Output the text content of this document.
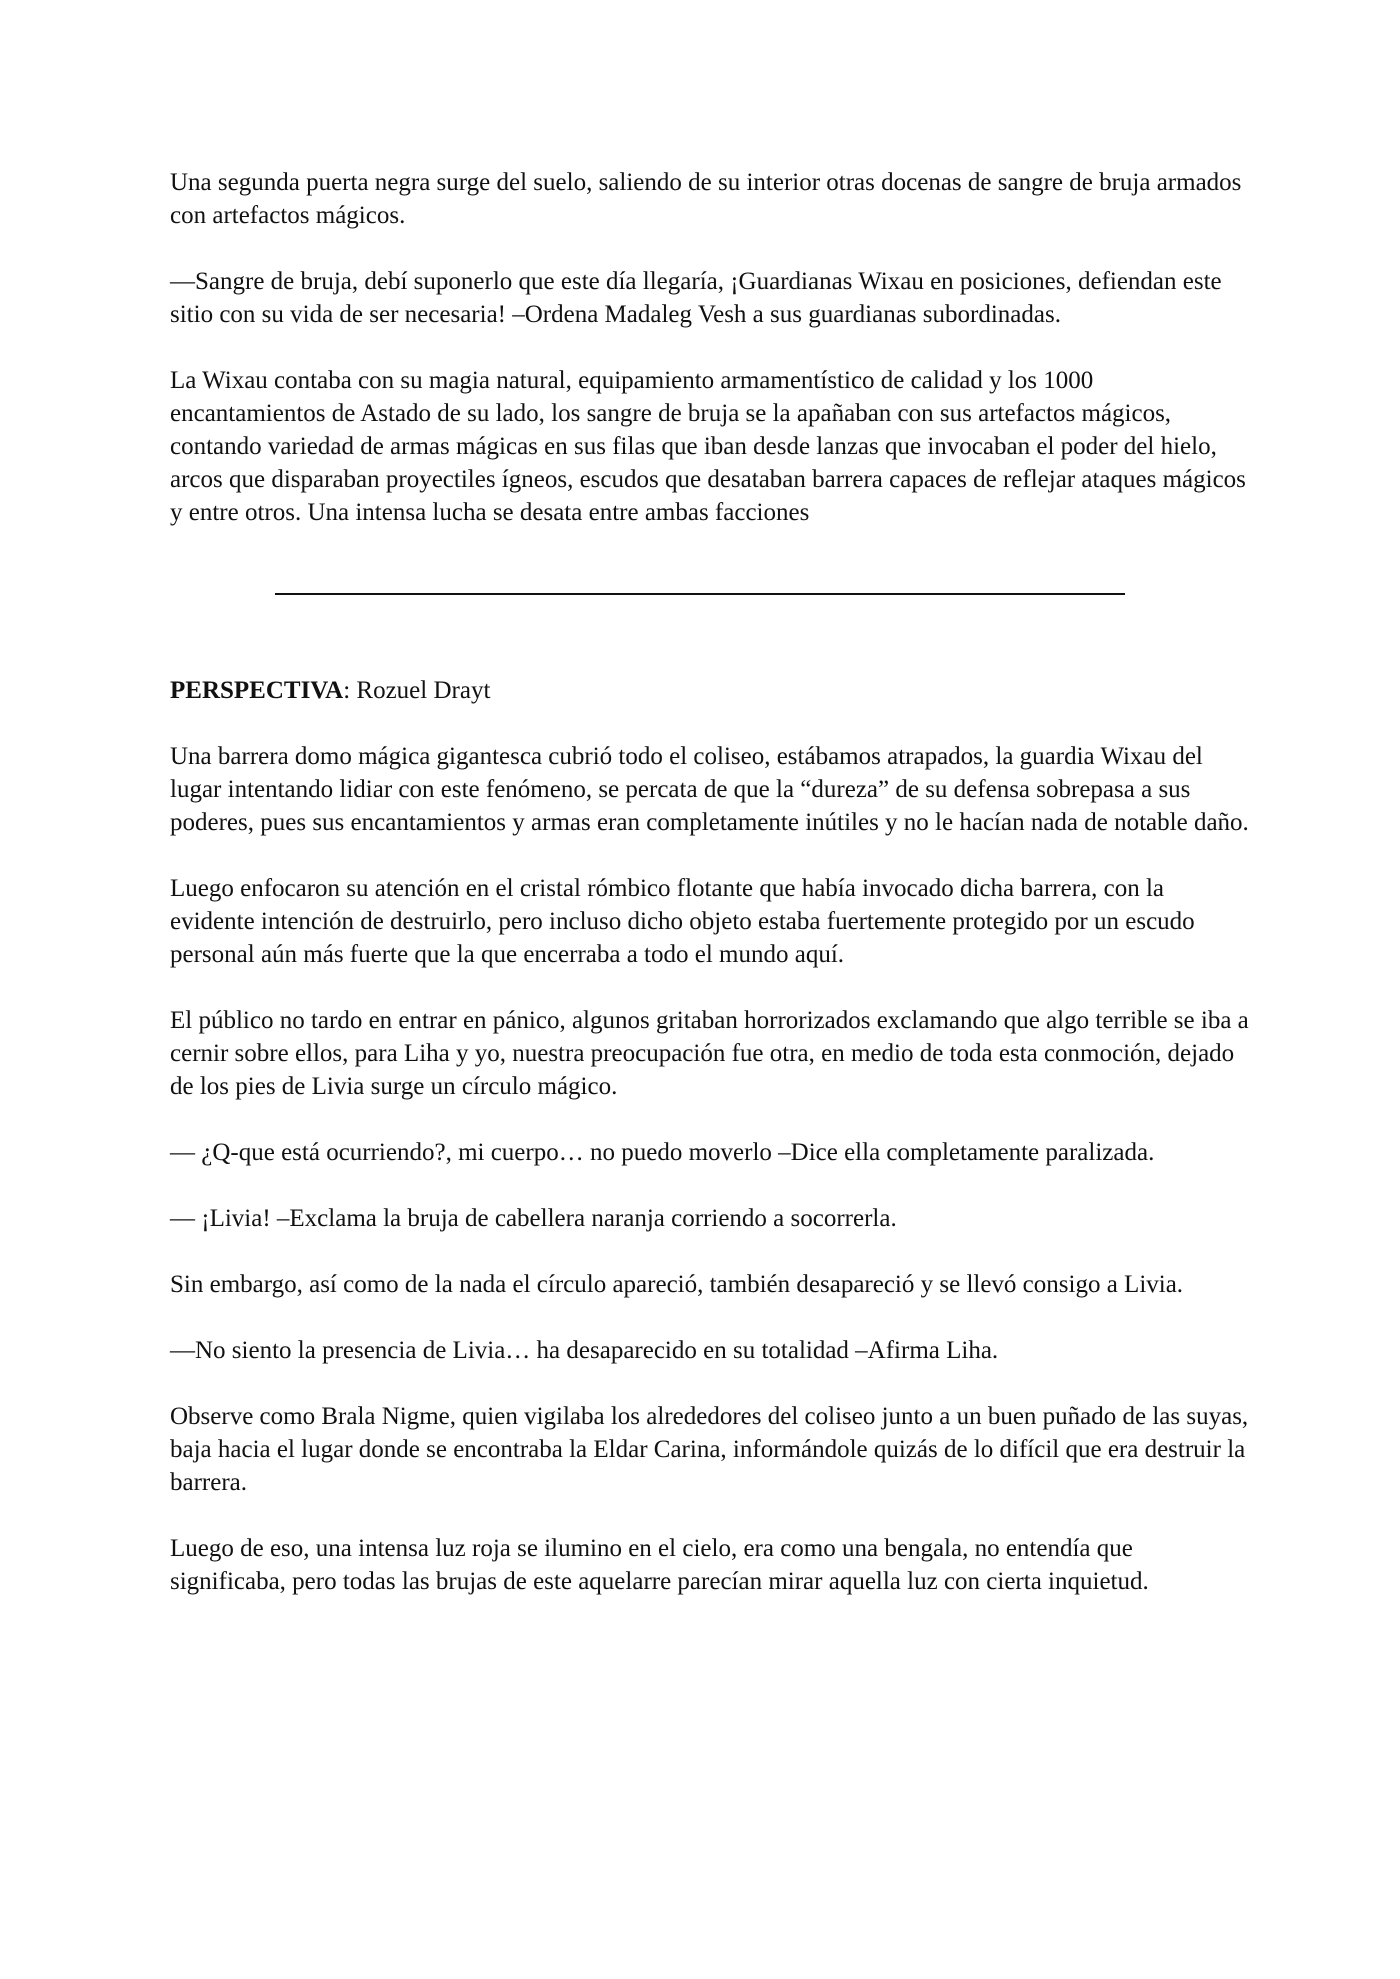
Una segunda puerta negra surge del suelo, saliendo de su interior otras docenas de sangre de bruja armados con artefactos mágicos.

—Sangre de bruja, debí suponerlo que este día llegaría, ¡Guardianas Wixau en posiciones, defiendan este sitio con su vida de ser necesaria! –Ordena Madaleg Vesh a sus guardianas subordinadas.

La Wixau contaba con su magia natural, equipamiento armamentístico de calidad y los 1000 encantamientos de Astado de su lado, los sangre de bruja se la apañaban con sus artefactos mágicos, contando variedad de armas mágicas en sus filas que iban desde lanzas que invocaban el poder del hielo, arcos que disparaban proyectiles ígneos, escudos que desataban barrera capaces de reflejar ataques mágicos y entre otros. Una intensa lucha se desata entre ambas facciones

PERSPECTIVA: Rozuel Drayt

Una barrera domo mágica gigantesca cubrió todo el coliseo, estábamos atrapados, la guardia Wixau del lugar intentando lidiar con este fenómeno, se percata de que la “dureza” de su defensa sobrepasa a sus poderes, pues sus encantamientos y armas eran completamente inútiles y no le hacían nada de notable daño.

Luego enfocaron su atención en el cristal rómbico flotante que había invocado dicha barrera, con la evidente intención de destruirlo, pero incluso dicho objeto estaba fuertemente protegido por un escudo personal aún más fuerte que la que encerraba a todo el mundo aquí.

El público no tardo en entrar en pánico, algunos gritaban horrorizados exclamando que algo terrible se iba a cernir sobre ellos, para Liha y yo, nuestra preocupación fue otra, en medio de toda esta conmoción, dejado de los pies de Livia surge un círculo mágico.

— ¿Q-que está ocurriendo?, mi cuerpo… no puedo moverlo –Dice ella completamente paralizada.

— ¡Livia! –Exclama la bruja de cabellera naranja corriendo a socorrerla.

Sin embargo, así como de la nada el círculo apareció, también desapareció y se llevó consigo a Livia.

—No siento la presencia de Livia… ha desaparecido en su totalidad –Afirma Liha.

Observe como Brala Nigme, quien vigilaba los alrededores del coliseo junto a un buen puñado de las suyas, baja hacia el lugar donde se encontraba la Eldar Carina, informándole quizás de lo difícil que era destruir la barrera.

Luego de eso, una intensa luz roja se ilumino en el cielo, era como una bengala, no entendía que significaba, pero todas las brujas de este aquelarre parecían mirar aquella luz con cierta inquietud.
